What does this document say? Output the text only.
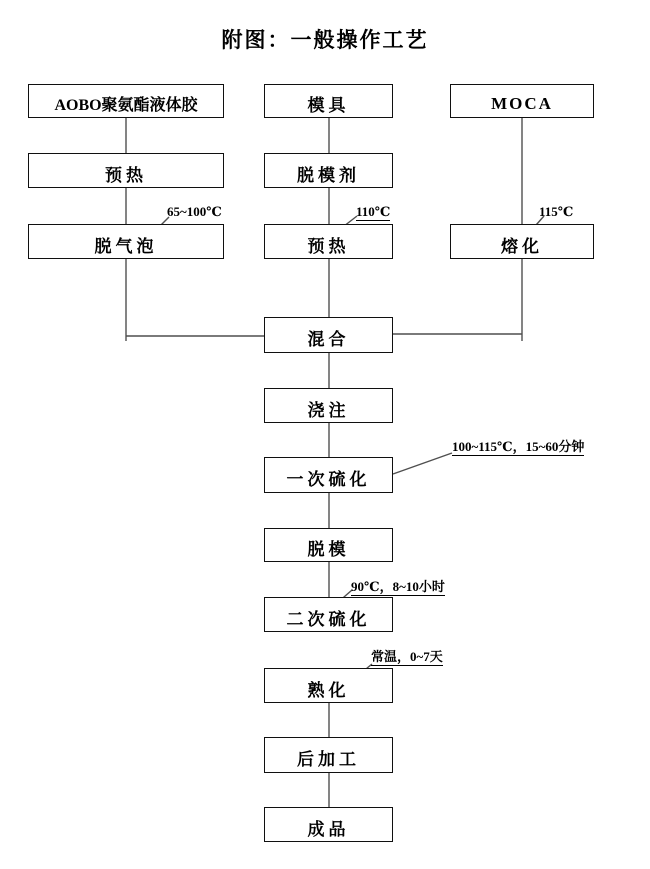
附图：一般操作工艺
AOBO聚氨酯液体胶	模具	MOCA
预热	脱模剂
脱气泡	预热	熔化
混合
浇注
一次硫化
脱模
二次硫化
熟化
后加工
成品
65~100℃	110℃	115℃
100~115℃，15~60分钟
90℃，8~10小时
常温，0~7天
